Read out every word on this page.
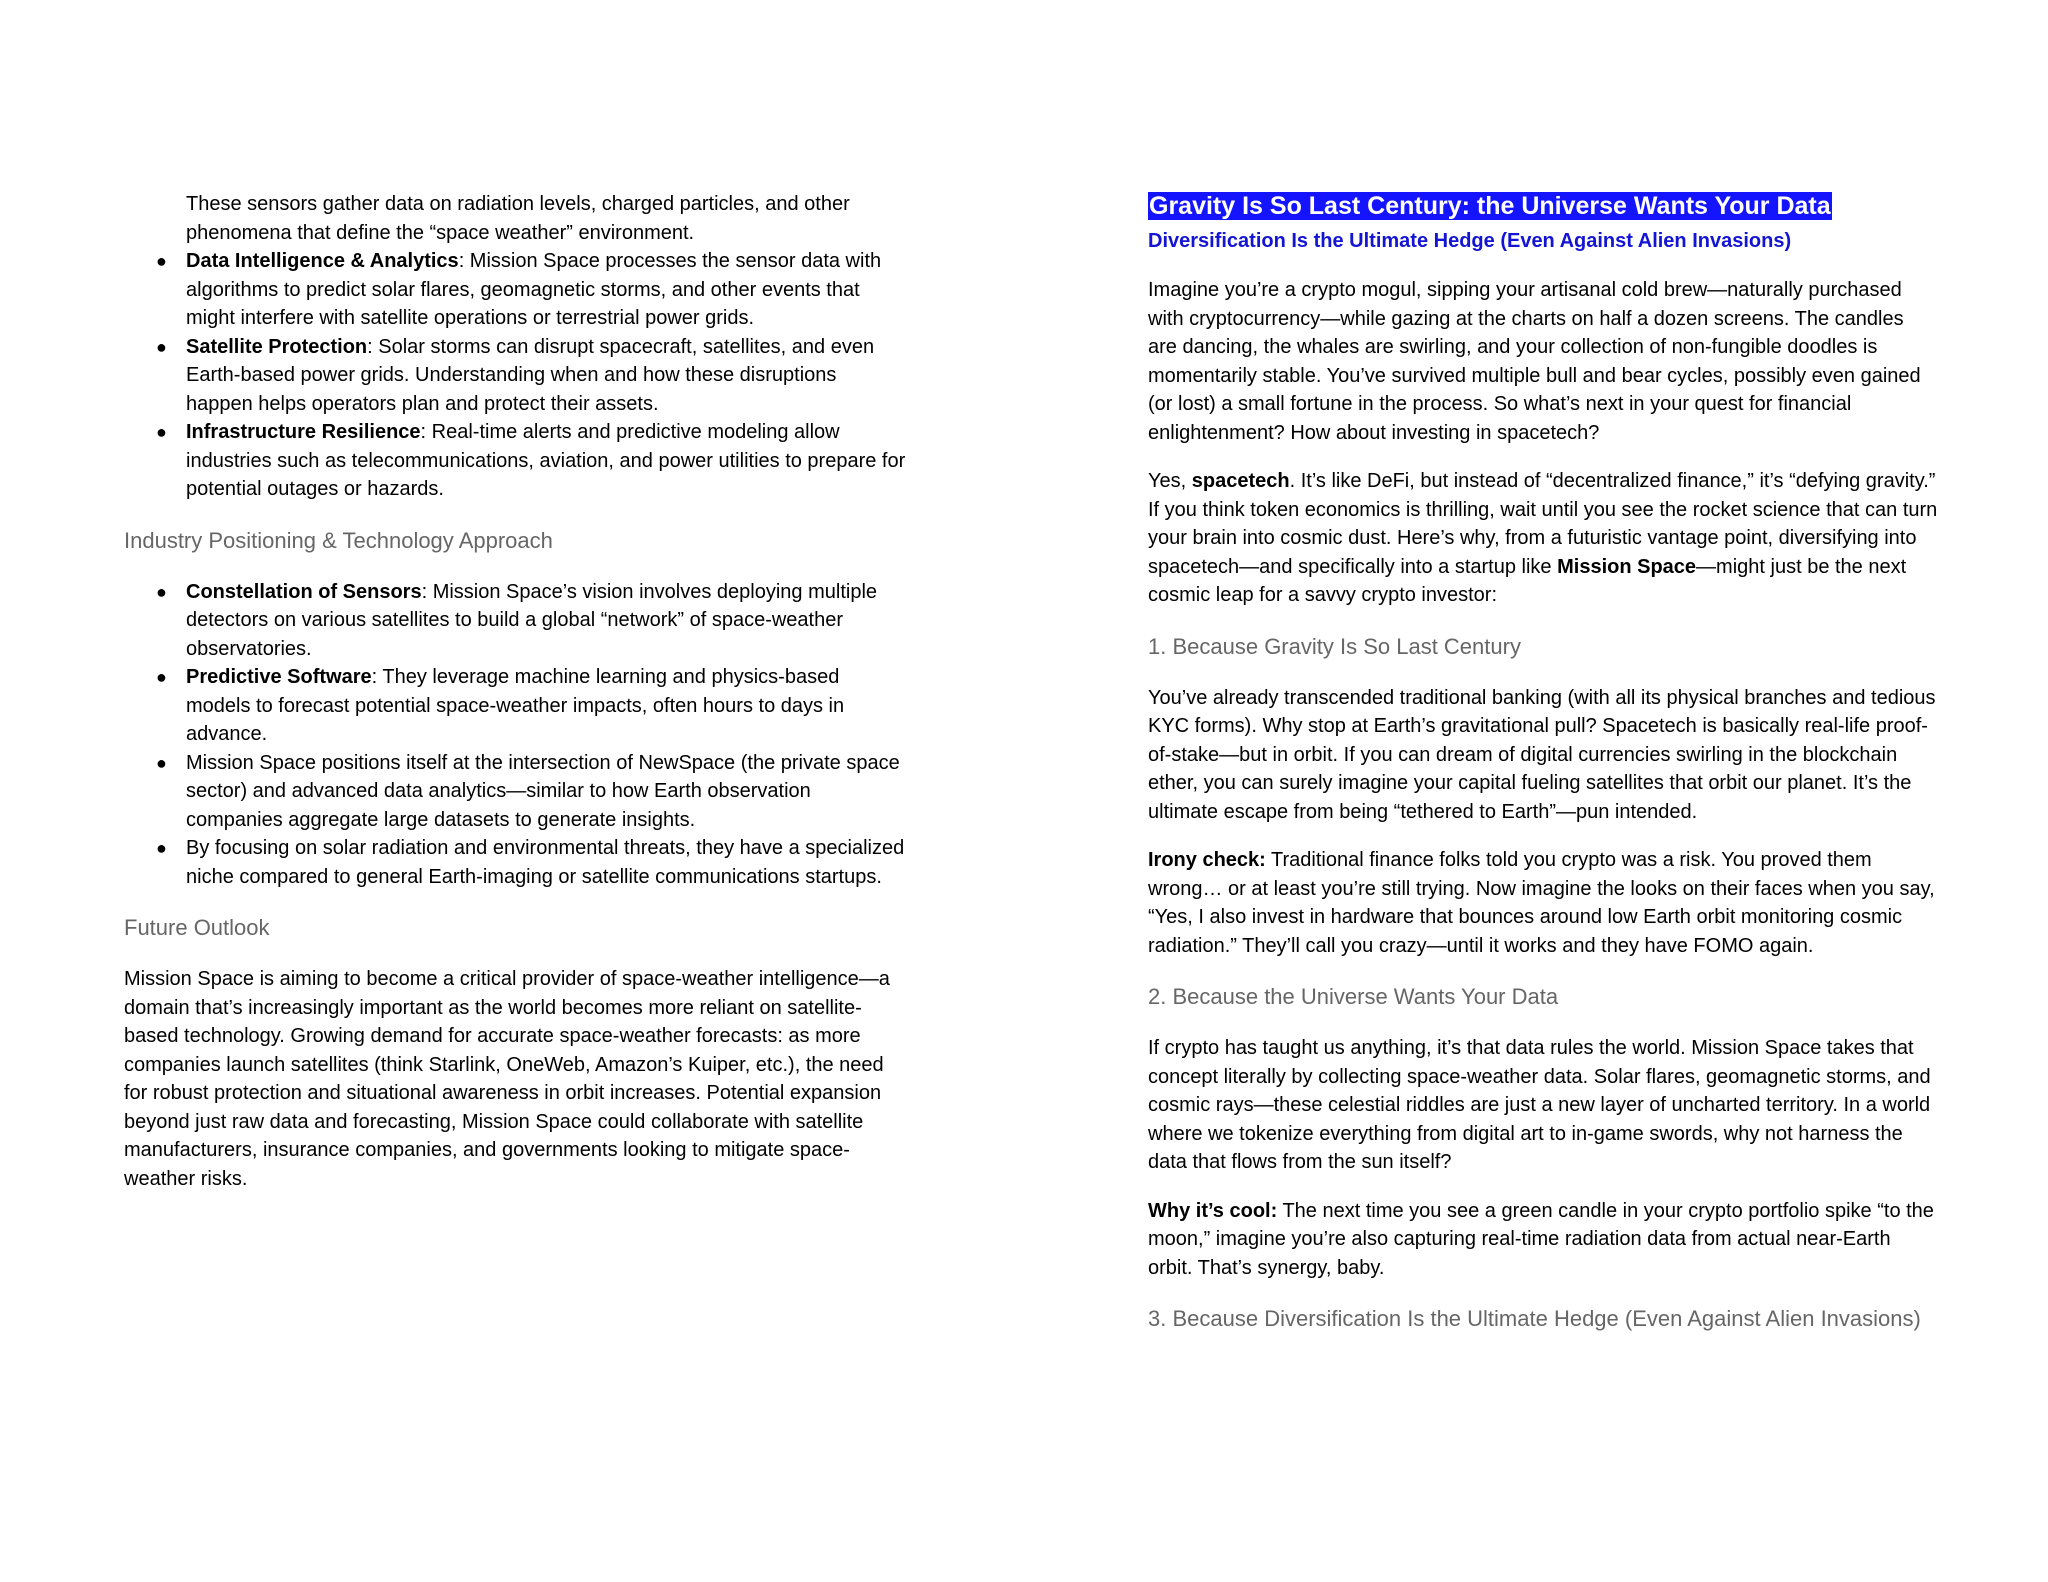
These sensors gather data on radiation levels, charged particles, and other phenomena that define the “space weather” environment.

● Data Intelligence & Analytics: Mission Space processes the sensor data with algorithms to predict solar flares, geomagnetic storms, and other events that might interfere with satellite operations or terrestrial power grids.
● Satellite Protection: Solar storms can disrupt spacecraft, satellites, and even Earth-based power grids. Understanding when and how these disruptions happen helps operators plan and protect their assets.
● Infrastructure Resilience: Real-time alerts and predictive modeling allow industries such as telecommunications, aviation, and power utilities to prepare for potential outages or hazards.
Industry Positioning & Technology Approach
● Constellation of Sensors: Mission Space’s vision involves deploying multiple detectors on various satellites to build a global “network” of space-weather observatories.
● Predictive Software: They leverage machine learning and physics-based models to forecast potential space-weather impacts, often hours to days in advance.
● Mission Space positions itself at the intersection of NewSpace (the private space sector) and advanced data analytics—similar to how Earth observation companies aggregate large datasets to generate insights.
● By focusing on solar radiation and environmental threats, they have a specialized niche compared to general Earth-imaging or satellite communications startups.
Future Outlook

Mission Space is aiming to become a critical provider of space-weather intelligence—a domain that’s increasingly important as the world becomes more reliant on satellite-based technology. Growing demand for accurate space-weather forecasts: as more companies launch satellites (think Starlink, OneWeb, Amazon’s Kuiper, etc.), the need for robust protection and situational awareness in orbit increases. Potential expansion beyond just raw data and forecasting, Mission Space could collaborate with satellite manufacturers, insurance companies, and governments looking to mitigate space-weather risks.

Gravity Is So Last Century: the Universe Wants Your Data
Diversification Is the Ultimate Hedge (Even Against Alien Invasions)

Imagine you’re a crypto mogul, sipping your artisanal cold brew—naturally purchased with cryptocurrency—while gazing at the charts on half a dozen screens. The candles are dancing, the whales are swirling, and your collection of non-fungible doodles is momentarily stable. You’ve survived multiple bull and bear cycles, possibly even gained (or lost) a small fortune in the process. So what’s next in your quest for financial enlightenment? How about investing in spacetech?

Yes, spacetech. It’s like DeFi, but instead of “decentralized finance,” it’s “defying gravity.” If you think token economics is thrilling, wait until you see the rocket science that can turn your brain into cosmic dust. Here’s why, from a futuristic vantage point, diversifying into spacetech—and specifically into a startup like Mission Space—might just be the next cosmic leap for a savvy crypto investor:

1. Because Gravity Is So Last Century

You’ve already transcended traditional banking (with all its physical branches and tedious KYC forms). Why stop at Earth’s gravitational pull? Spacetech is basically real-life proof-of-stake—but in orbit. If you can dream of digital currencies swirling in the blockchain ether, you can surely imagine your capital fueling satellites that orbit our planet. It’s the ultimate escape from being “tethered to Earth”—pun intended.

Irony check: Traditional finance folks told you crypto was a risk. You proved them wrong… or at least you’re still trying. Now imagine the looks on their faces when you say, “Yes, I also invest in hardware that bounces around low Earth orbit monitoring cosmic radiation.” They’ll call you crazy—until it works and they have FOMO again.

2. Because the Universe Wants Your Data

If crypto has taught us anything, it’s that data rules the world. Mission Space takes that concept literally by collecting space-weather data. Solar flares, geomagnetic storms, and cosmic rays—these celestial riddles are just a new layer of uncharted territory. In a world where we tokenize everything from digital art to in-game swords, why not harness the data that flows from the sun itself?

Why it’s cool: The next time you see a green candle in your crypto portfolio spike “to the moon,” imagine you’re also capturing real-time radiation data from actual near-Earth orbit. That’s synergy, baby.

3. Because Diversification Is the Ultimate Hedge (Even Against Alien Invasions)
